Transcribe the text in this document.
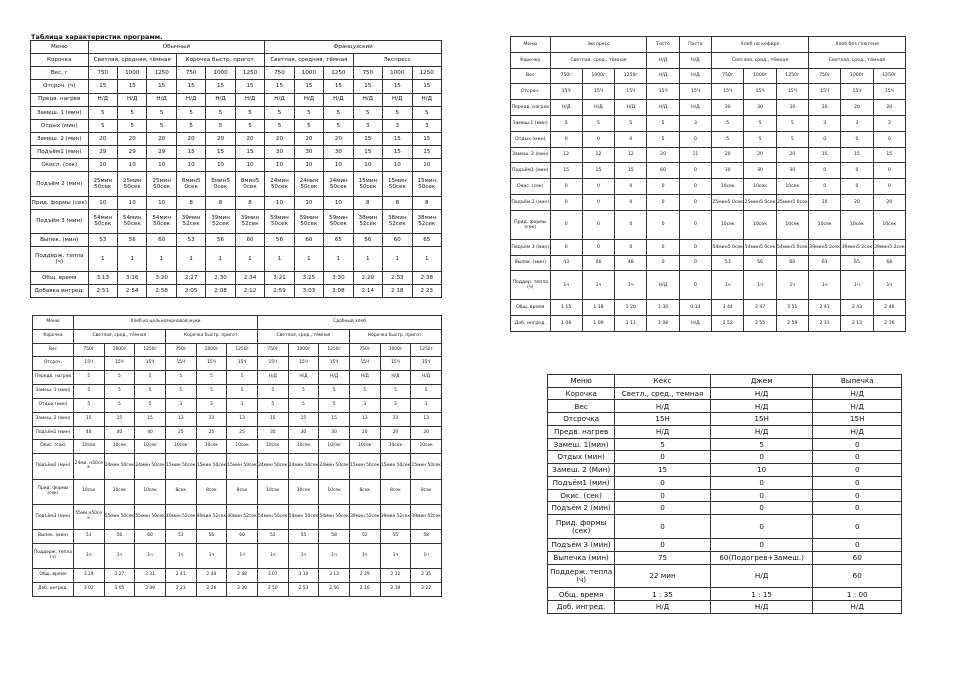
Таблица характеристик программ.
Меню	Обычный						Французский					
Корочка	Светлая, средняя, тёмная			Корочка быстр. пригот.			Светлая, средняя, тёмная			Экспресс		
Вес, г	750	1000	1250	750	1000	1250	750	1000	1250	750	1000	1250
Отсроч. (ч)	15	15	15	15	15	15	15	15	15	15	15	15
Предв. нагрев	Н/Д	Н/Д	Н/Д	Н/Д	Н/Д	Н/Д	Н/Д	Н/Д	Н/Д	Н/Д	Н/Д	Н/Д
Замеш. 1 (мин)	5	5	5	5	5	5	5	5	5	5	5	5
Отдых (мин)	5	5	5	5	5	5	5	5	5	3	3	3
Замеш. 2 (мин)	20	20	20	20	20	20	20	20	20	15	15	15
Подъём1 (мин)	29	29	29	15	15	15	30	30	30	15	15	15
Окисл. (сек)	10	10	10	10	10	10	10	10	10	10	10	10
Подъём 2 (мин)	25мин 50сек	25мин 50сек	25мин 50сек	8мин5 0сек	8мин5 0сек	8мин5 0сек	24мин 50сек	24мин 50сек	24мин 50сек	15мин 50сек	15мин 50сек	15мин 50сек
Прид. формы (сек)	10	10	10	8	8	8	10	10	10	8	8	8
Подъём 3 (мин)	54мин 50сек	54мин 50сек	54мин 50сек	39мин 52сек	39мин 52сек	39мин 52сек	59мин 50сек	59мин 50сек	59мин 50сек	38мин 52сек	38мин 52сек	38мин 52сек
Выпек. (мин)	53	56	60	53	56	60	56	60	65	56	60	65
Поддерж. тепла (ч)	1	1	1	1	1	1	1	1	1	1	1	1
Общ. время	3:13	3:16	3:20	2:27	2:30	2:34	3:21	3:25	3:30	2:29	2:33	2:38
Добавка ингред.	2:51	2:54	2:58	2:05	2:08	2:12	2:59	3:03	3:08	2 14	2 18	2 23
Меню	Экспресс			Тесто	Паста	Хлеб на кефире			Хлеб без глютена		
Корочка	Светлая, сред., тёмная			Н/Д	Н/Д	Светлая, сред., тёмная			Светлая, сред., тёмная		
Вес	750г	1000г	1250г	Н/Д	Н/Д	750г	1000г	1250г	750г	1000г	1250г
Отсроч.	15Ч	15Ч	15Ч	15Ч	15Ч	15Ч	15Ч	15Ч	15Ч	15Ч	15Ч
Передв. нагрев	Н/Д	Н/Д	Н/Д	Н/Д	Н/Д	30	30	30	20	20	20
Замеш.1 (мин)	5	5	5	5	3	5	5	5	3	3	3
Отдых (мин)	0	0	0	5	0	5	5	5	0	0	0
Замеш. 2 (мин)	12	12	12	20	11	20	20	20	15	15	15
Подъём1 (мин)	15	15	15	60	0	30	30	30	0	0	0
Окис. (сек)	0	0	0	0	0	10сек	10сек	10сек	0	0	0
Подъём 2 (мин)	0	0	0	0	0	25мин5 0сек	25мин5 0сек	25мин5 0сек	20	20	20
Прид. формы (сек)	0	0	0	0	0	10сек	10сек	10сек	10сек	10сек	10сек
Подъём 3 (мин)	0	0	0	0	0	54мин5 0сек	54мин5 0сек	54мин5 0сек	39мин5 2сек	39мин5 2сек	39мин5 2сек
Выпек. (мин)	43	46	48	0	0	53	56	60	63	65	68
Поддер. тепла (ч)	1ч	1ч	1ч	Н/Д	0	1ч	1ч	1ч	1ч	1ч	1ч
Общ. время	1 15	1 18	1 20	1:30	0:14	3 44	3 47	3 51	2 41	2 43	2 46
Доб. ингред.	1 06	1 09	1 11	1 08	Н/Д	2 52	2 55	2 59	2 11	2 13	2 16
Меню	Хлеб из цельнозерновой муки						Сдобный хлеб					
Корочка	Светлая, сред., тёмная			Корочка быстр. пригот.			Светлая, сред., тёмная			Корочка быстр. пригот.		
Вес	750г	1000г	1250г	750г	1000г	1250г	750г	1000г	1250г	750г	1000г	1250г
Отсроч.	15Ч	15Ч	15Ч	15Ч	15Ч	15Ч	15Ч	15Ч	15Ч	15Ч	15Ч	15Ч
Передв. нагрев	5	5	5	5	5	5	Н/Д	Н/Д	Н/Д	Н/Д	Н/Д	Н/Д
Замеш. 1 (мин)	5	5	5	5	5	5	5	5	5	5	5	5
Отдых (мин)	5	5	5	3	3	3	5	5	5	3	3	3
Замеш. 2 (мин)	15	15	15	13	13	13	15	15	15	13	13	13
Подъём1 (мин)	40	40	40	25	25	25	30	30	30	20	20	20
Окис. (сек)	10сек	10сек	10сек	10сек	10сек	10сек	10сек	10сек	10сек	10сек	10сек	10сек
Подъём2 (мин)	24ми. н50се к	24мин 50сек	24мин 50сек	15мин 50сек	15мин 50сек	15мин 50сек	24мин 50сек	24мин 50сек	24мин 50сек	15мин 50сек	15мин 50сек	15мин 50сек
Прид. формы (сек)	10сек	10сек	10сек	8сек	8сек	8сек	10сек	10сек	10сек	8сек	8сек	8сек
Подъём3 (мин)	55ми н50се к	55мин 50сек	55мин 50сек	40мин 52сек	40мин 52сек	40мин 52сек	54мин 50сек	54мин 50сек	54мин 50сек	39мин 52сек	39мин 52сек	39мин 52сек
Выпек. (мин)	53	56	60	53	56	60	52	55	58	52	55	58
Поддерж. тепла (ч)	1ч	1ч	1ч	1ч	1ч	1ч	1ч	1ч	1ч	1ч	1ч	1ч
Общ. время	3 24	3 27	3 31	2 41	2 44	2 48	3 07	3 10	3 13	2 29	2 32	2 35
Доб. ингред.	3 02	3 05	3 09	2 23	2 26	2 30	2 50	2 53	2 56	2 16	2 19	2 22
Меню	Кекс	Джем	Выпечка
Корочка	Светл., сред., темная	Н/Д	Н/Д
Вес	Н/Д	Н/Д	Н/Д
Отсрочка	15Н	15Н	15Н
Предв. нагрев	Н/Д	Н/Д	Н/Д
Замеш. 1(мин)	5	5	0
Отдых (мин)	0	0	0
Замеш. 2 (Мин)	15	10	0
Подъём1 (мин)	0	0	0
Окис. (сек)	0	0	0
Подъём 2 (мин)	0	0	0
Прид. формы (сек)	0	0	0
Подъём 3 (мин)	0	0	0
Выпечка (мин)	75	60(Подогрев+Замеш.)	60
Поддерж. тепла (ч)	22 мин	Н/Д	60
Общ. время	1 : 35	1 : 15	1 : 00
Доб. ингред.	Н/Д	Н/Д	Н/Д
